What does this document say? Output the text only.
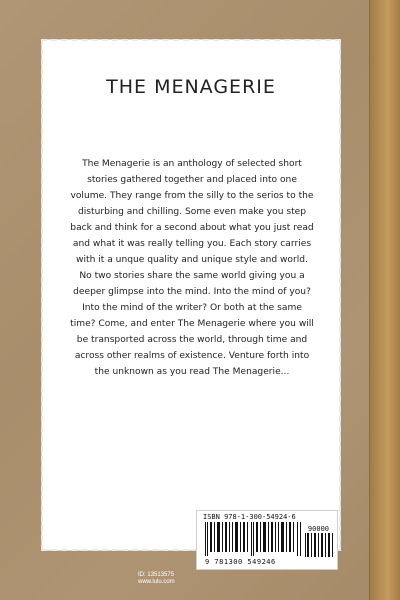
THE MENAGERIE
The Menagerie is an anthology of selected short stories gathered together and placed into one volume. They range from the silly to the serios to the disturbing and chilling. Some even make you step back and think for a second about what you just read and what it was really telling you. Each story carries with it a unque quality and unique style and world. No two stories share the same world giving you a deeper glimpse into the mind. Into the mind of you? Into the mind of the writer? Or both at the same time? Come, and enter The Menagerie where you will be transported across the world, through time and across other realms of existence. Venture forth into the unknown as you read The Menagerie...
ISBN 978-1-300-54924-6
90000
9 781300 549246
ID: 13513575
www.lulu.com
